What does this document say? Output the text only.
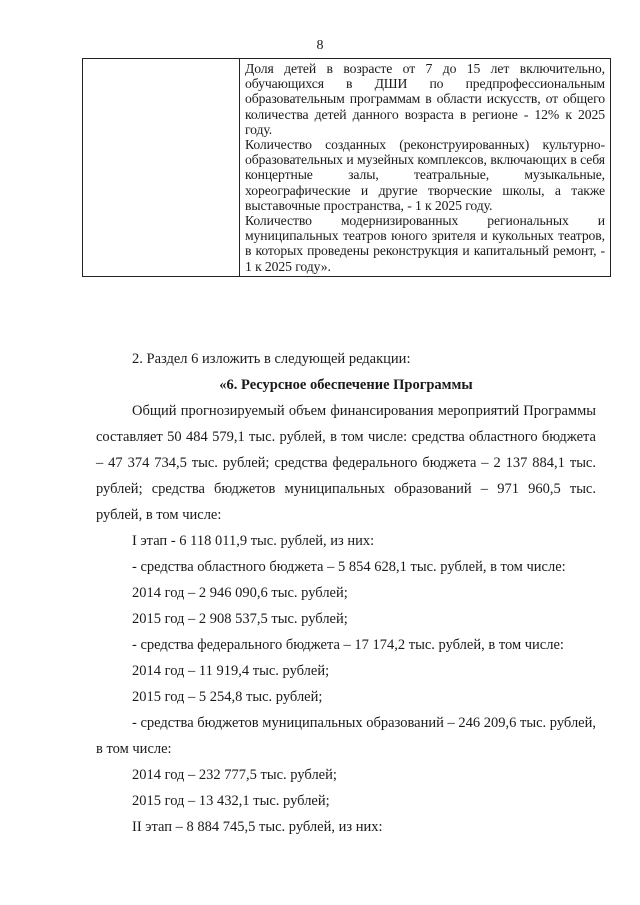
8

Доля детей в возрасте от 7 до 15 лет включительно, обучающихся в ДШИ по предпрофессиональным образовательным программам в области искусств, от общего количества детей данного возраста в регионе - 12% к 2025 году.

Количество созданных (реконструированных) культурно-образовательных и музейных комплексов, включающих в себя концертные залы, театральные, музыкальные, хореографические и другие творческие школы, а также выставочные пространства, - 1 к 2025 году.

Количество модернизированных региональных и муниципальных театров юного зрителя и кукольных театров, в которых проведены реконструкция и капитальный ремонт, - 1 к 2025 году».

2. Раздел 6 изложить в следующей редакции:

«6. Ресурсное обеспечение Программы

Общий прогнозируемый объем финансирования мероприятий Программы составляет 50 484 579,1 тыс. рублей, в том числе: средства областного бюджета – 47 374 734,5 тыс. рублей; средства федерального бюджета – 2 137 884,1 тыс. рублей; средства бюджетов муниципальных образований – 971 960,5 тыс. рублей, в том числе:

I этап - 6 118 011,9 тыс. рублей, из них:

- средства областного бюджета – 5 854 628,1 тыс. рублей, в том числе:

2014 год – 2 946 090,6 тыс. рублей;

2015 год – 2 908 537,5 тыс. рублей;

- средства федерального бюджета – 17 174,2 тыс. рублей, в том числе:

2014 год – 11 919,4 тыс. рублей;

2015 год – 5 254,8 тыс. рублей;

- средства бюджетов муниципальных образований – 246 209,6 тыс. рублей, в том числе:

2014 год – 232 777,5 тыс. рублей;

2015 год – 13 432,1 тыс. рублей;

II этап – 8 884 745,5 тыс. рублей, из них:
